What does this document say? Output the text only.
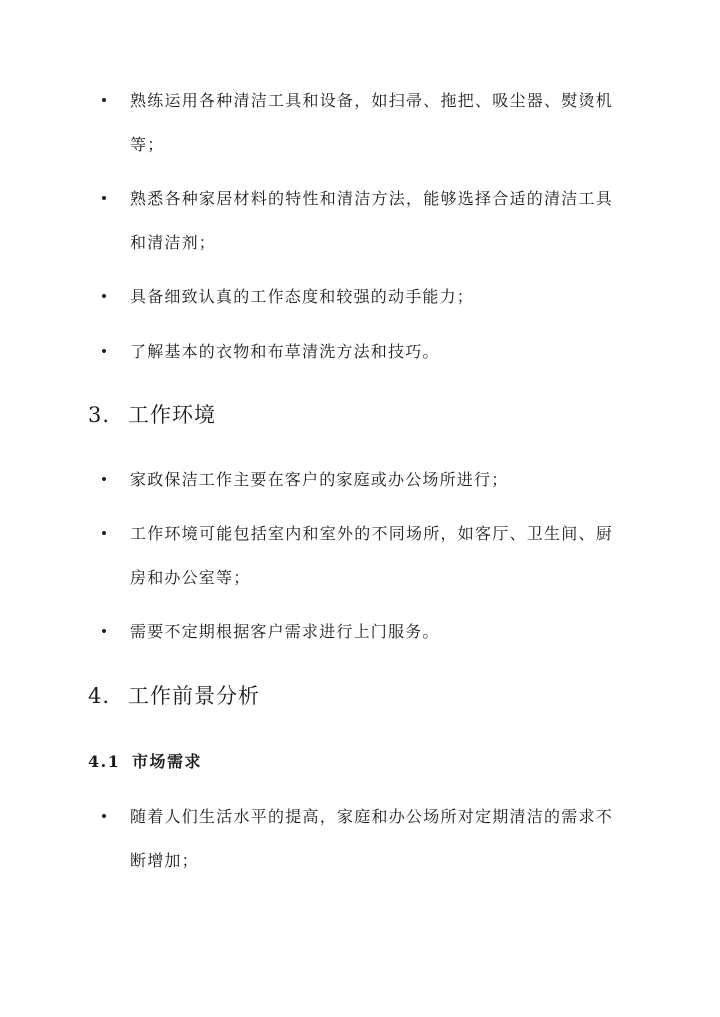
熟练运用各种清洁工具和设备，如扫帚、拖把、吸尘器、熨烫机等；
熟悉各种家居材料的特性和清洁方法，能够选择合适的清洁工具和清洁剂；
具备细致认真的工作态度和较强的动手能力；
了解基本的衣物和布草清洗方法和技巧。
3. 工作环境
家政保洁工作主要在客户的家庭或办公场所进行；
工作环境可能包括室内和室外的不同场所，如客厅、卫生间、厨房和办公室等；
需要不定期根据客户需求进行上门服务。
4. 工作前景分析
4.1 市场需求
随着人们生活水平的提高，家庭和办公场所对定期清洁的需求不断增加；
